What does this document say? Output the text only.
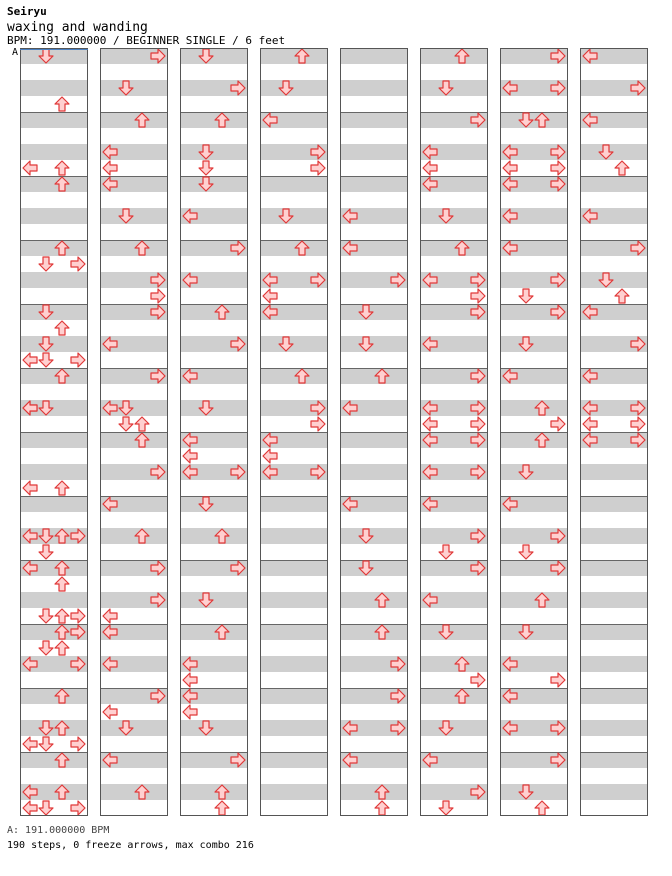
Seiryu
waxing and wanding
BPM: 191.000000 / BEGINNER SINGLE / 6 feet
A
A: 191.000000 BPM
190 steps, 0 freeze arrows, max combo 216
